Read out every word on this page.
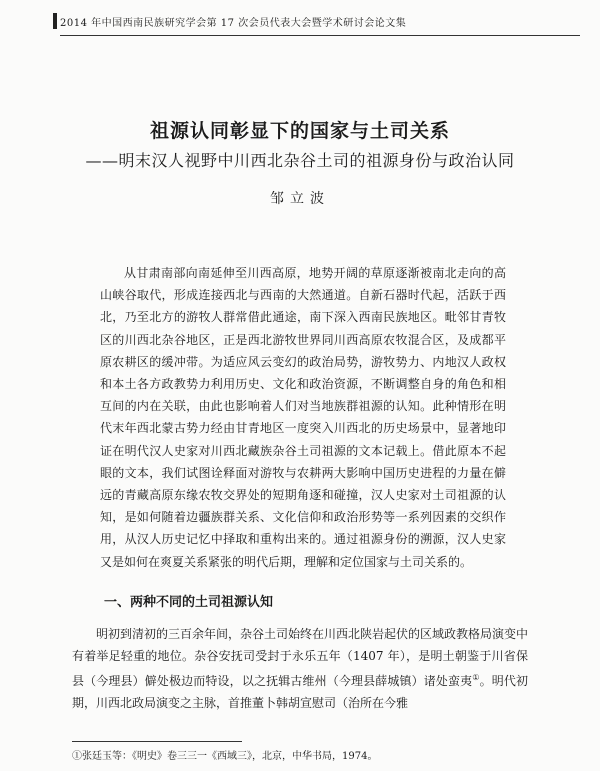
2014 年中国西南民族研究学会第 17 次会员代表大会暨学术研讨会论文集
祖源认同彰显下的国家与土司关系
——明末汉人视野中川西北杂谷土司的祖源身份与政治认同
邹立波
从甘肃南部向南延伸至川西高原，地势开阔的草原逐渐被南北走向的高山峡谷取代，形成连接西北与西南的大然通道。自新石器时代起，活跃于西北，乃至北方的游牧人群常借此通途，南下深入西南民族地区。毗邻甘青牧区的川西北杂谷地区，正是西北游牧世界同川西高原农牧混合区，及成都平原农耕区的缓冲带。为适应风云变幻的政治局势，游牧势力、内地汉人政权和本土各方政教势力利用历史、文化和政治资源，不断调整自身的角色和相互间的内在关联，由此也影响着人们对当地族群祖源的认知。此种情形在明代末年西北蒙古势力经由甘青地区一度突入川西北的历史场景中，显著地印证在明代汉人史家对川西北藏族杂谷土司祖源的文本记载上。借此原本不起眼的文本，我们试图诠释面对游牧与农耕两大影响中国历史进程的力量在僻远的青藏高原东缘农牧交界处的短期角逐和碰撞，汉人史家对土司祖源的认知，是如何随着边疆族群关系、文化信仰和政治形势等一系列因素的交织作用，从汉人历史记忆中择取和重构出来的。通过祖源身份的溯源，汉人史家又是如何在爽夏关系紧张的明代后期，理解和定位国家与土司关系的。
一、两种不同的土司祖源认知
明初到清初的三百余年间，杂谷土司始终在川西北陕岩起伏的区域政教格局演变中有着举足轻重的地位。杂谷安抚司受封于永乐五年（1407 年），是明土朝鉴于川省保县（今理县）僻处极边而特设，以之抚辑古维州（今理县薛城镇）诸处蛮夷①。明代初期，川西北政局演变之主脉，首推董卜韩胡宣慰司（治所在今雅
①张廷玉等：《明史》卷三三一《西域三》，北京，中华书局，1974。
